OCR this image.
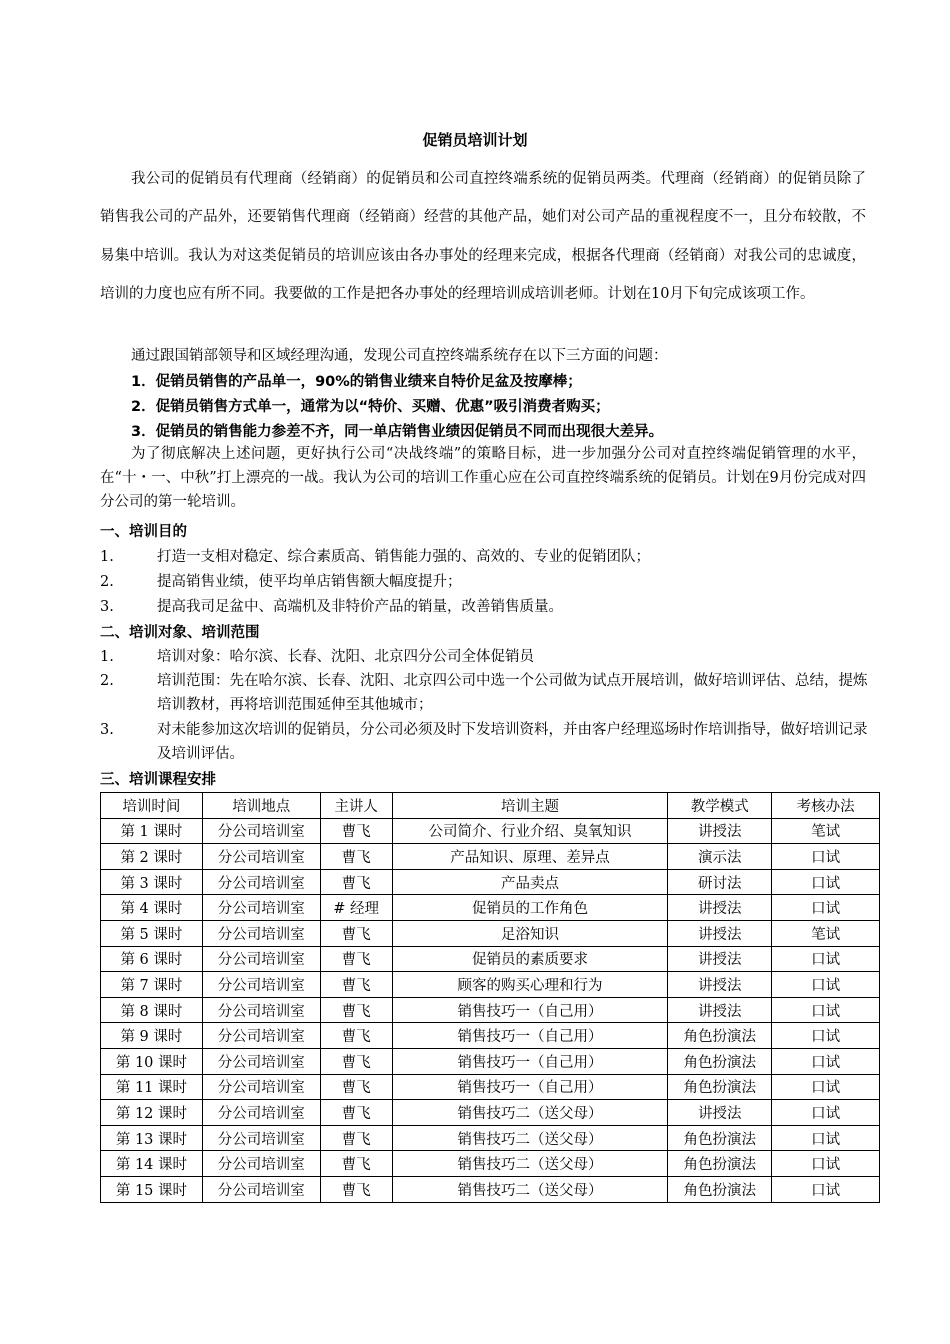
促销员培训计划
我公司的促销员有代理商（经销商）的促销员和公司直控终端系统的促销员两类。代理商（经销商）的促销员除了销售我公司的产品外，还要销售代理商（经销商）经营的其他产品，她们对公司产品的重视程度不一，且分布较散，不易集中培训。我认为对这类促销员的培训应该由各办事处的经理来完成，根据各代理商（经销商）对我公司的忠诚度，培训的力度也应有所不同。我要做的工作是把各办事处的经理培训成培训老师。计划在10月下旬完成该项工作。
通过跟国销部领导和区域经理沟通，发现公司直控终端系统存在以下三方面的问题：
1．促销员销售的产品单一，90%的销售业绩来自特价足盆及按摩棒；
2．促销员销售方式单一，通常为以“特价、买赠、优惠”吸引消费者购买；
3．促销员的销售能力参差不齐，同一单店销售业绩因促销员不同而出现很大差异。
为了彻底解决上述问题，更好执行公司“决战终端”的策略目标，进一步加强分公司对直控终端促销管理的水平，在“十・一、中秋”打上漂亮的一战。我认为公司的培训工作重心应在公司直控终端系统的促销员。计划在9月份完成对四分公司的第一轮培训。
一、培训目的
1.	打造一支相对稳定、综合素质高、销售能力强的、高效的、专业的促销团队；
2.	提高销售业绩，使平均单店销售额大幅度提升；
3.	提高我司足盆中、高端机及非特价产品的销量，改善销售质量。
二、培训对象、培训范围
1.	培训对象：哈尔滨、长春、沈阳、北京四分公司全体促销员
2.	培训范围：先在哈尔滨、长春、沈阳、北京四公司中选一个公司做为试点开展培训，做好培训评估、总结，提炼培训教材，再将培训范围延伸至其他城市；
3.	对未能参加这次培训的促销员，分公司必须及时下发培训资料，并由客户经理巡场时作培训指导，做好培训记录及培训评估。
三、培训课程安排
培训时间	培训地点	主讲人	培训主题	教学模式	考核办法
第 1 课时	分公司培训室	曹飞	公司简介、行业介绍、臭氧知识	讲授法	笔试
第 2 课时	分公司培训室	曹飞	产品知识、原理、差异点	演示法	口试
第 3 课时	分公司培训室	曹飞	产品卖点	研讨法	口试
第 4 课时	分公司培训室	# 经理	促销员的工作角色	讲授法	口试
第 5 课时	分公司培训室	曹飞	足浴知识	讲授法	笔试
第 6 课时	分公司培训室	曹飞	促销员的素质要求	讲授法	口试
第 7 课时	分公司培训室	曹飞	顾客的购买心理和行为	讲授法	口试
第 8 课时	分公司培训室	曹飞	销售技巧一（自己用）	讲授法	口试
第 9 课时	分公司培训室	曹飞	销售技巧一（自己用）	角色扮演法	口试
第 10 课时	分公司培训室	曹飞	销售技巧一（自己用）	角色扮演法	口试
第 11 课时	分公司培训室	曹飞	销售技巧一（自己用）	角色扮演法	口试
第 12 课时	分公司培训室	曹飞	销售技巧二（送父母）	讲授法	口试
第 13 课时	分公司培训室	曹飞	销售技巧二（送父母）	角色扮演法	口试
第 14 课时	分公司培训室	曹飞	销售技巧二（送父母）	角色扮演法	口试
第 15 课时	分公司培训室	曹飞	销售技巧二（送父母）	角色扮演法	口试
